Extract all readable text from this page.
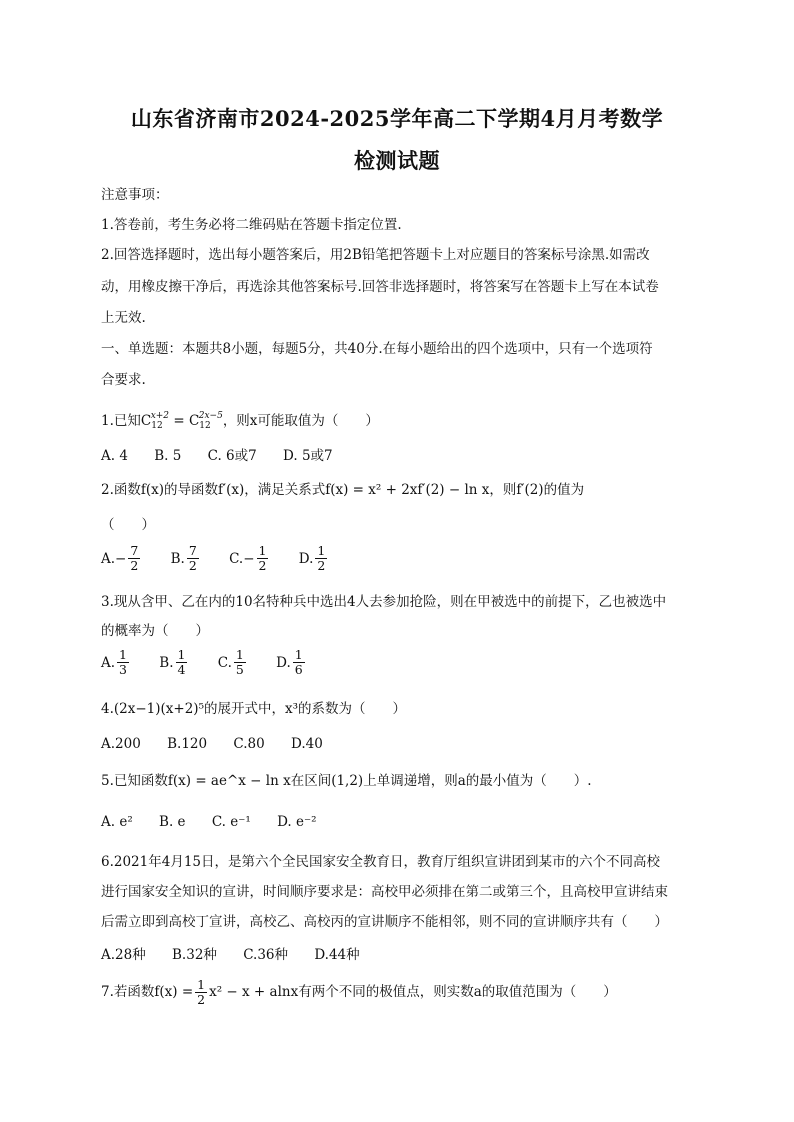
山东省济南市2024-2025学年高二下学期4月月考数学
检测试题
注意事项：
1.答卷前，考生务必将二维码贴在答题卡指定位置.
2.回答选择题时，选出每小题答案后，用2B铅笔把答题卡上对应题目的答案标号涂黑.如需改
动，用橡皮擦干净后，再选涂其他答案标号.回答非选择题时，将答案写在答题卡上写在本试卷
上无效.
一、单选题：本题共8小题，每题5分，共40分.在每小题给出的四个选项中，只有一个选项符
合要求.
1.已知$C_{12}^{x+2} = C_{12}^{2x-5}$，则x可能取值为（　　）
A. 4 B. 5 C. 6或7 D. 5或7
2.函数f(x)的导函数f′(x)，满足关系式f(x) = x² + 2xf′(2) − ln x，则f′(2)的值为
（　　）
A. − $\frac{7}{2}$
B. $\frac{7}{2}$
C. − $\frac{1}{2}$
D. $\frac{1}{2}$
3.现从含甲、乙在内的10名特种兵中选出4人去参加抢险，则在甲被选中的前提下，乙也被选中
的概率为（　　）
A. $\frac{1}{3}$
B. $\frac{1}{4}$
C. $\frac{1}{5}$
D. $\frac{1}{6}$
4.(2x−1)(x+2)⁵的展开式中，x³的系数为（　　）
A.200 B.120 C.80 D.40
5.已知函数f(x) = ae^x − ln x在区间(1,2)上单调递增，则a的最小值为（　　）.
A. e² B. e C. e⁻¹ D. e⁻²
6.2021年4月15日，是第六个全民国家安全教育日，教育厅组织宣讲团到某市的六个不同高校
进行国家安全知识的宣讲，时间顺序要求是：高校甲必须排在第二或第三个，且高校甲宣讲结束
后需立即到高校丁宣讲，高校乙、高校丙的宣讲顺序不能相邻，则不同的宣讲顺序共有（　　）
A.28种 B.32种 C.36种 D.44种
7.若函数$f(x) = \frac{1}{2} x^2 - x + alnx$有两个不同的极值点，则实数a的取值范围为（　　）
